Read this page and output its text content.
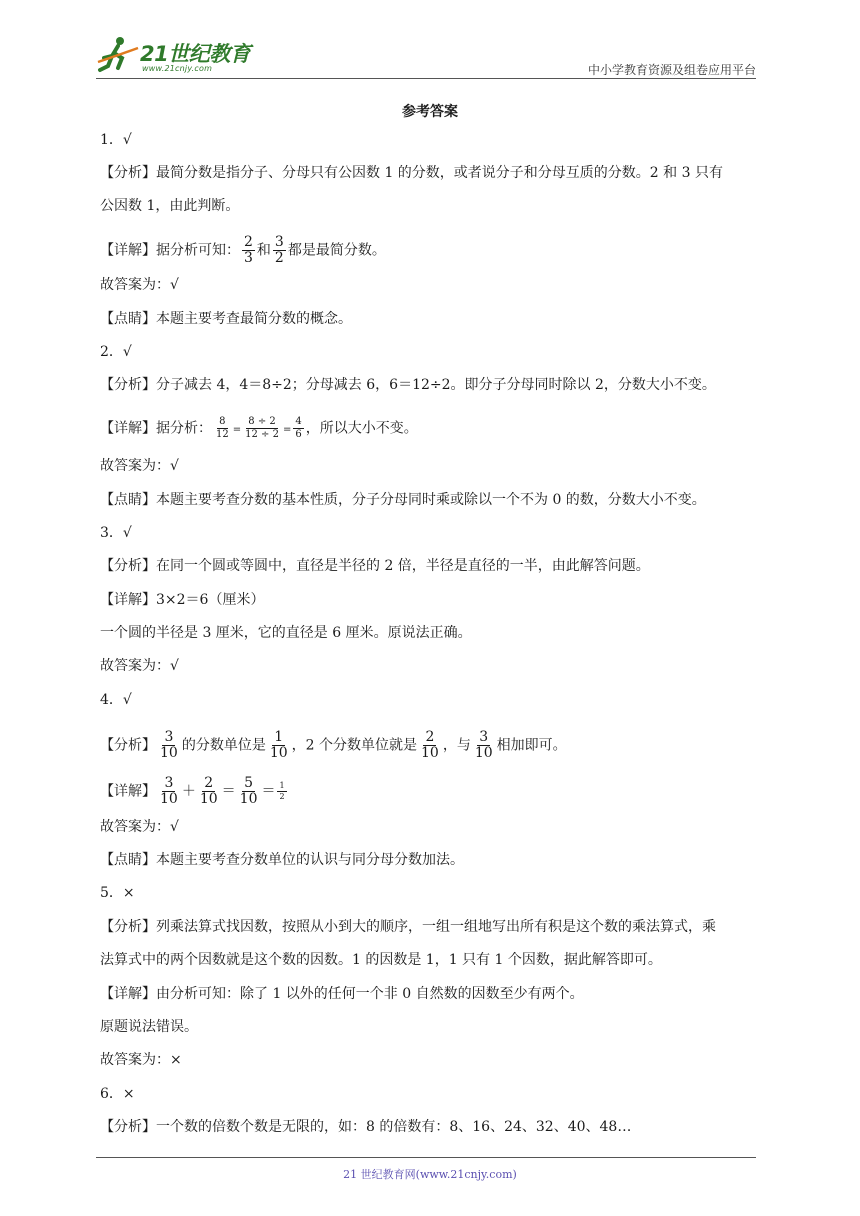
21世纪教育
www.21cnjy.com	中小学教育资源及组卷应用平台
参考答案
1．√
【分析】最简分数是指分子、分母只有公因数 1 的分数，或者说分子和分母互质的分数。2 和 3 只有
公因数 1，由此判断。
【详解】据分析可知： $\frac{2}{3}$ 和 $\frac{3}{2}$ 都是最简分数。
故答案为：√
【点睛】本题主要考查最简分数的概念。
2．√
【分析】分子减去 4，4＝8÷2；分母减去 6，6＝12÷2。即分子分母同时除以 2，分数大小不变。
【详解】据分析： $\frac{8}{12} = \frac{8 \div 2}{12 \div 2} = \frac{4}{6}$ ，所以大小不变。
故答案为：√
【点睛】本题主要考查分数的基本性质，分子分母同时乘或除以一个不为 0 的数，分数大小不变。
3．√
【分析】在同一个圆或等圆中，直径是半径的 2 倍，半径是直径的一半，由此解答问题。
【详解】3×2＝6（厘米）
一个圆的半径是 3 厘米，它的直径是 6 厘米。原说法正确。
故答案为：√
4．√
【分析】 $\frac{3}{10}$ 的分数单位是 $\frac{1}{10}$ ，2 个分数单位就是 $\frac{2}{10}$ ，与 $\frac{3}{10}$ 相加即可。
【详解】 $\frac{3}{10} + \frac{2}{10} = \frac{5}{10} = \frac{1}{2}$
故答案为：√
【点睛】本题主要考查分数单位的认识与同分母分数加法。
5．×
【分析】列乘法算式找因数，按照从小到大的顺序，一组一组地写出所有积是这个数的乘法算式，乘
法算式中的两个因数就是这个数的因数。1 的因数是 1，1 只有 1 个因数，据此解答即可。
【详解】由分析可知：除了 1 以外的任何一个非 0 自然数的因数至少有两个。
原题说法错误。
故答案为：×
6．×
【分析】一个数的倍数个数是无限的，如：8 的倍数有：8、16、24、32、40、48…
21 世纪教育网(www.21cnjy.com)
